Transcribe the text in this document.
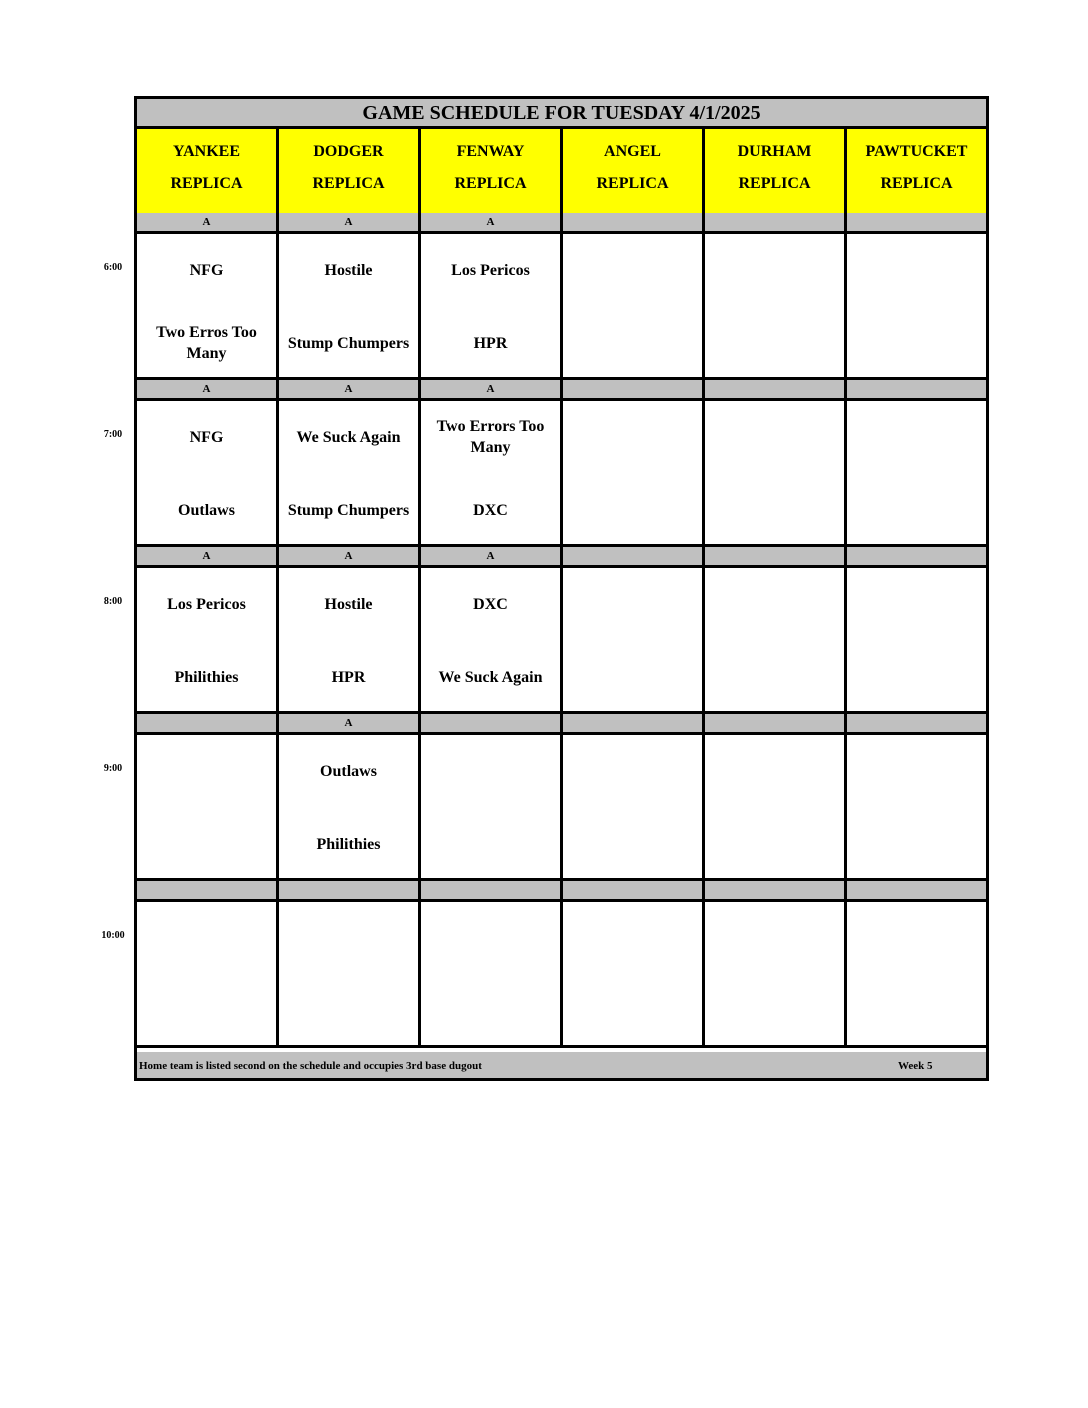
6:00
7:00
8:00
9:00
10:00
GAME SCHEDULE FOR TUESDAY 4/1/2025
YANKEE
REPLICA
DODGER
REPLICA
FENWAY
REPLICA
ANGEL
REPLICA
DURHAM
REPLICA
PAWTUCKET
REPLICA
A
NFG
Two Erros Too Many
A
Hostile
Stump Chumpers
A
Los Pericos
HPR
A
NFG
Outlaws
A
We Suck Again
Stump Chumpers
A
Two Errors Too Many
DXC
A
Los Pericos
Philithies
A
Hostile
HPR
A
DXC
We Suck Again
A
Outlaws
Philithies
Home team is listed second on the schedule and occupies 3rd base dugout	Week 5
